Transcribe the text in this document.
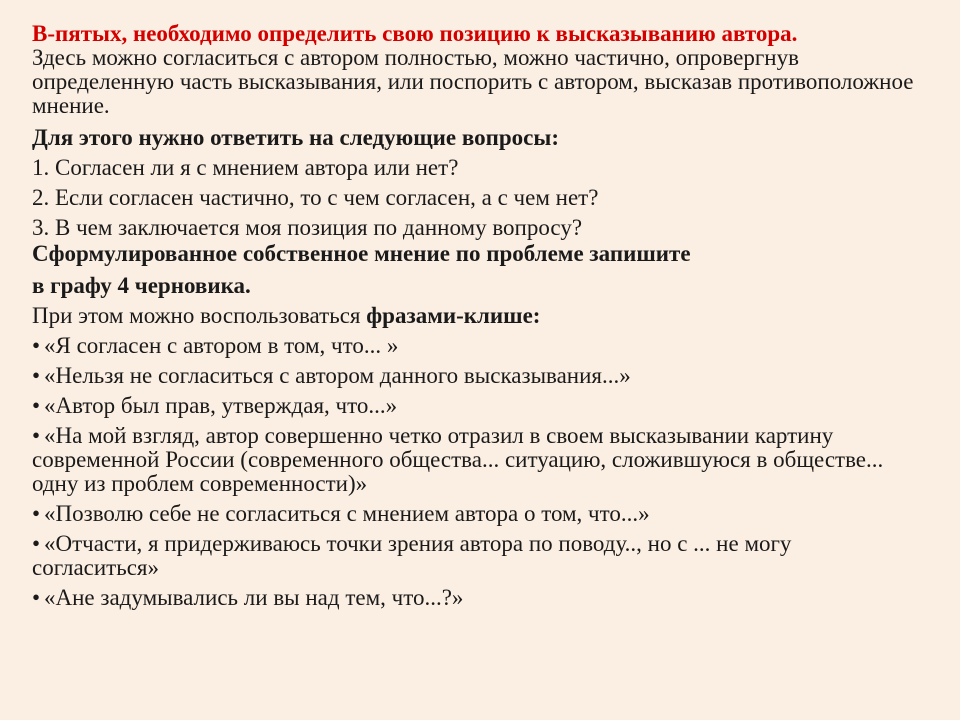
В-пятых, необходимо определить свою позицию к высказыванию автора.
Здесь можно согласиться с автором полностью, можно частично, опровергнув определенную часть высказывания, или поспорить с автором, высказав противоположное мнение.

Для этого нужно ответить на следующие вопросы:

1. Согласен ли я с мнением автора или нет?

2. Если согласен частично, то с чем согласен, а с чем нет?

3. В чем заключается моя позиция по данному вопросу?

Сформулированное собственное мнение по проблеме запишите

в графу 4 черновика.

При этом можно воспользоваться фразами-клише:

• «Я согласен с автором в том, что... »

• «Нельзя не согласиться с автором данного высказывания...»

• «Автор был прав, утверждая, что...»

• «На мой взгляд, автор совершенно четко отразил в своем высказывании картину современной России (современного общества... ситуацию, сложившуюся в обществе... одну из проблем современности)»

• «Позволю себе не согласиться с мнением автора о том, что...»

• «Отчасти, я придерживаюсь точки зрения автора по поводу.., но с ... не могу согласиться»

• «Ане задумывались ли вы над тем, что...?»
